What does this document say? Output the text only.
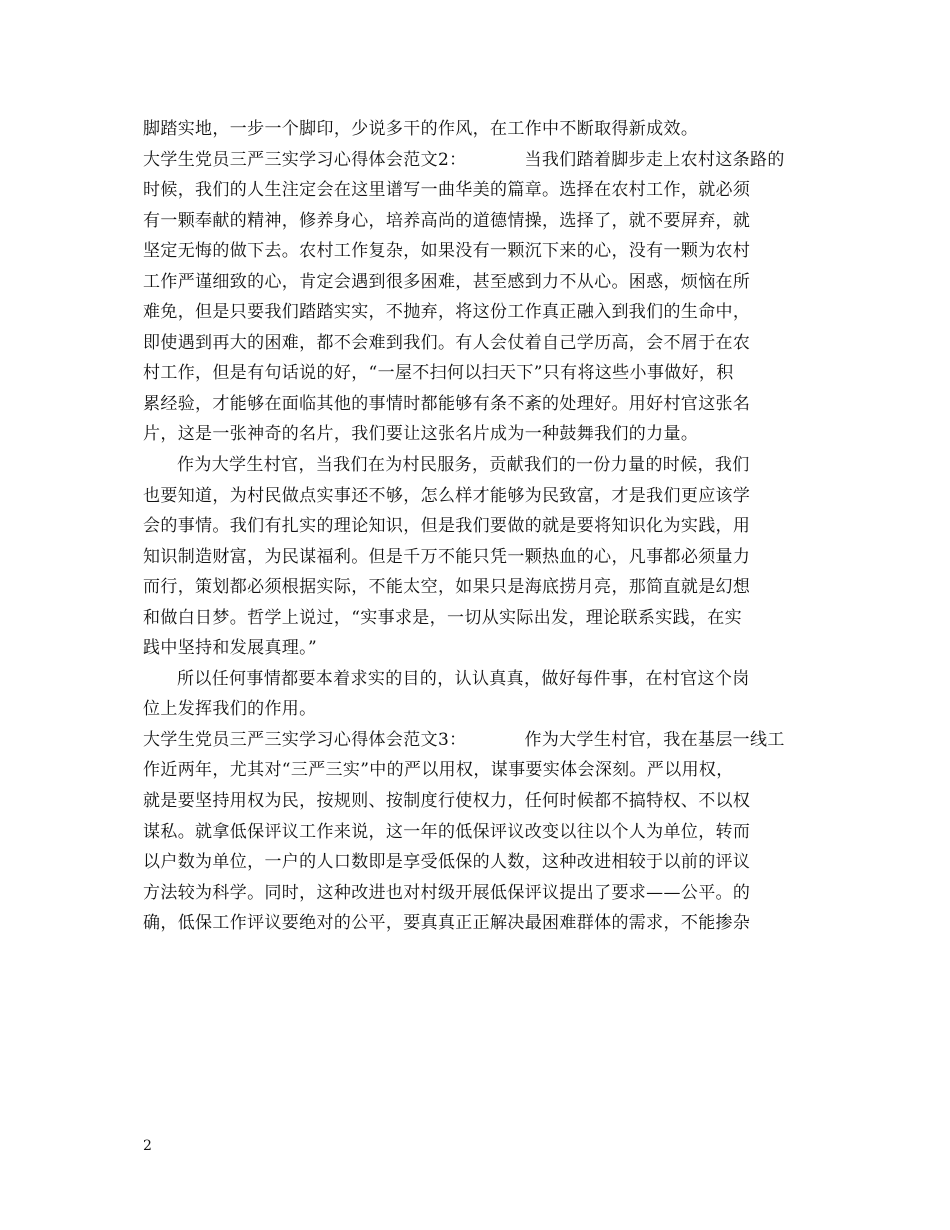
脚踏实地，一步一个脚印，少说多干的作风，在工作中不断取得新成效。
大学生党员三严三实学习心得体会范文2：	当我们踏着脚步走上农村这条路的
时候，我们的人生注定会在这里谱写一曲华美的篇章。选择在农村工作，就必须
有一颗奉献的精神，修养身心，培养高尚的道德情操，选择了，就不要屏弃，就
坚定无悔的做下去。农村工作复杂，如果没有一颗沉下来的心，没有一颗为农村
工作严谨细致的心，肯定会遇到很多困难，甚至感到力不从心。困惑，烦恼在所
难免，但是只要我们踏踏实实，不抛弃，将这份工作真正融入到我们的生命中，
即使遇到再大的困难，都不会难到我们。有人会仗着自己学历高，会不屑于在农
村工作，但是有句话说的好，“一屋不扫何以扫天下”只有将这些小事做好，积
累经验，才能够在面临其他的事情时都能够有条不紊的处理好。用好村官这张名
片，这是一张神奇的名片，我们要让这张名片成为一种鼓舞我们的力量。
作为大学生村官，当我们在为村民服务，贡献我们的一份力量的时候，我们
也要知道，为村民做点实事还不够，怎么样才能够为民致富，才是我们更应该学
会的事情。我们有扎实的理论知识，但是我们要做的就是要将知识化为实践，用
知识制造财富，为民谋福利。但是千万不能只凭一颗热血的心，凡事都必须量力
而行，策划都必须根据实际，不能太空，如果只是海底捞月亮，那简直就是幻想
和做白日梦。哲学上说过，“实事求是，一切从实际出发，理论联系实践，在实
践中坚持和发展真理。”
所以任何事情都要本着求实的目的，认认真真，做好每件事，在村官这个岗
位上发挥我们的作用。
大学生党员三严三实学习心得体会范文3：	作为大学生村官，我在基层一线工
作近两年，尤其对“三严三实”中的严以用权，谋事要实体会深刻。严以用权，
就是要坚持用权为民，按规则、按制度行使权力，任何时候都不搞特权、不以权
谋私。就拿低保评议工作来说，这一年的低保评议改变以往以个人为单位，转而
以户数为单位，一户的人口数即是享受低保的人数，这种改进相较于以前的评议
方法较为科学。同时，这种改进也对村级开展低保评议提出了要求——公平。的
确，低保工作评议要绝对的公平，要真真正正解决最困难群体的需求，不能掺杂
2
